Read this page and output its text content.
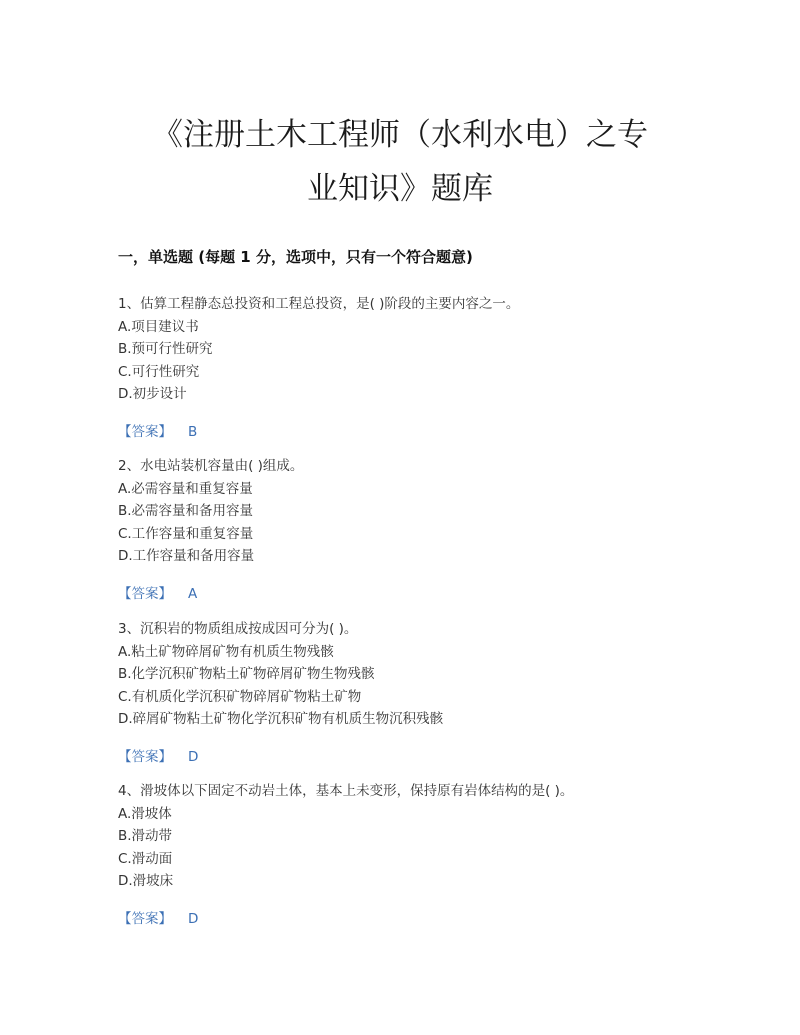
《注册土木工程师（水利水电）之专
业知识》题库
一，单选题 (每题 1 分，选项中，只有一个符合题意)
1、估算工程静态总投资和工程总投资，是( )阶段的主要内容之一。
A.项目建议书
B.预可行性研究
C.可行性研究
D.初步设计
【答案】 B
2、水电站装机容量由( )组成。
A.必需容量和重复容量
B.必需容量和备用容量
C.工作容量和重复容量
D.工作容量和备用容量
【答案】 A
3、沉积岩的物质组成按成因可分为( )。
A.粘土矿物碎屑矿物有机质生物残骸
B.化学沉积矿物粘土矿物碎屑矿物生物残骸
C.有机质化学沉积矿物碎屑矿物粘土矿物
D.碎屑矿物粘土矿物化学沉积矿物有机质生物沉积残骸
【答案】 D
4、滑坡体以下固定不动岩土体，基本上未变形，保持原有岩体结构的是( )。
A.滑坡体
B.滑动带
C.滑动面
D.滑坡床
【答案】 D
